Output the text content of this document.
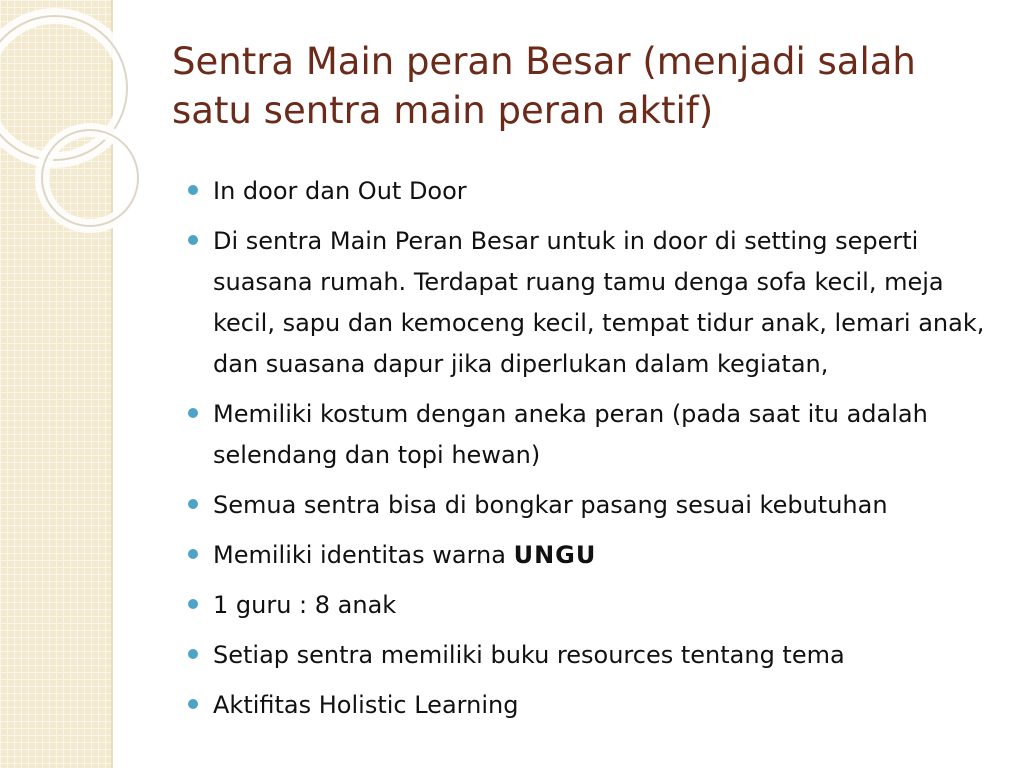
Sentra Main peran Besar (menjadi salah satu sentra main peran aktif)
In door dan Out Door
Di sentra Main Peran Besar untuk in door di setting seperti suasana rumah. Terdapat ruang tamu denga sofa kecil, meja kecil, sapu dan kemoceng kecil, tempat tidur anak, lemari anak, dan suasana dapur jika diperlukan dalam kegiatan,
Memiliki kostum dengan aneka peran (pada saat itu adalah selendang dan topi hewan)
Semua sentra bisa di bongkar pasang sesuai kebutuhan
Memiliki identitas warna UNGU
1 guru : 8 anak
Setiap sentra memiliki buku resources tentang tema
Aktifitas Holistic Learning
